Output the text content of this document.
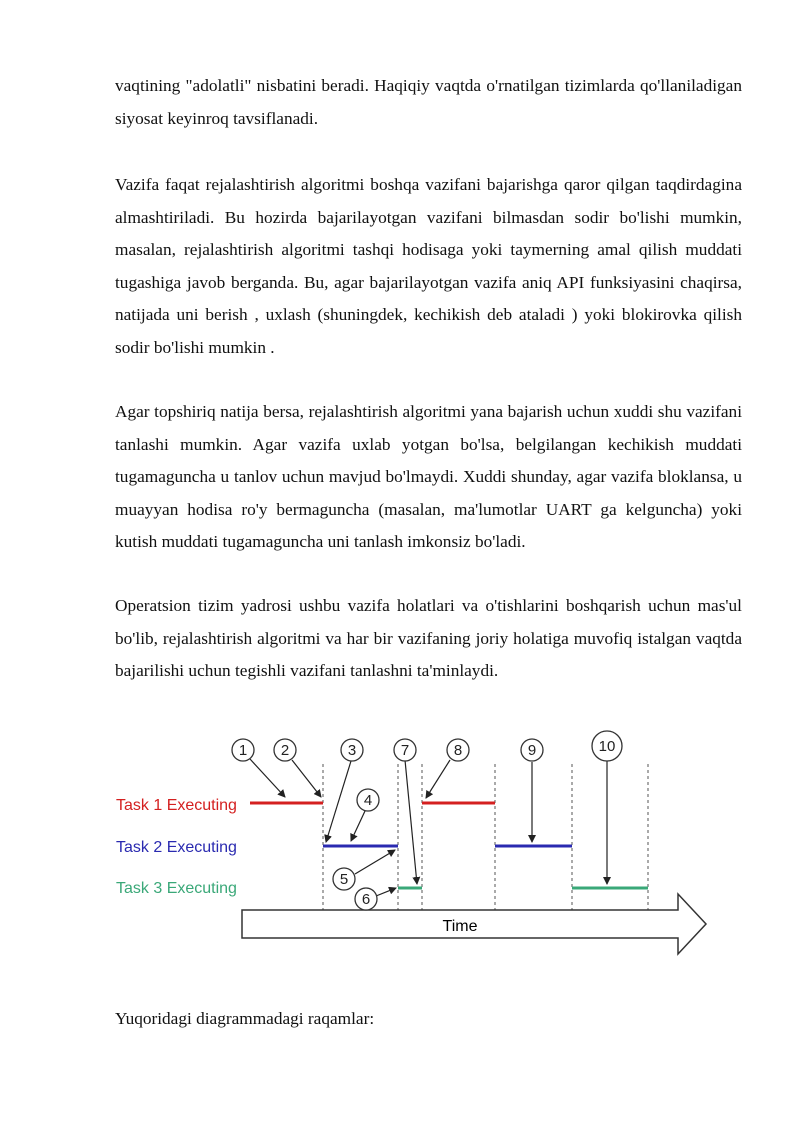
vaqtining "adolatli" nisbatini beradi. Haqiqiy vaqtda o'rnatilgan tizimlarda qo'llaniladigan siyosat keyinroq tavsiflanadi.

Vazifa faqat rejalashtirish algoritmi boshqa vazifani bajarishga qaror qilgan taqdirdagina almashtiriladi. Bu hozirda bajarilayotgan vazifani bilmasdan sodir bo'lishi mumkin, masalan, rejalashtirish algoritmi tashqi hodisaga yoki taymerning amal qilish muddati tugashiga javob berganda. Bu, agar bajarilayotgan vazifa aniq API funksiyasini chaqirsa, natijada uni berish , uxlash (shuningdek, kechikish deb ataladi ) yoki blokirovka qilish sodir bo'lishi mumkin .

Agar topshiriq natija bersa, rejalashtirish algoritmi yana bajarish uchun xuddi shu vazifani tanlashi mumkin. Agar vazifa uxlab yotgan bo'lsa, belgilangan kechikish muddati tugamaguncha u tanlov uchun mavjud bo'lmaydi. Xuddi shunday, agar vazifa bloklansa, u muayyan hodisa ro'y bermaguncha (masalan, ma'lumotlar UART ga kelguncha) yoki kutish muddati tugamaguncha uni tanlash imkonsiz bo'ladi.

Operatsion tizim yadrosi ushbu vazifa holatlari va o'tishlarini boshqarish uchun mas'ul bo'lib, rejalashtirish algoritmi va har bir vazifaning joriy holatiga muvofiq istalgan vaqtda bajarilishi uchun tegishli vazifani tanlashni ta'minlaydi.

Task 1 Executing
Task 2 Executing
Task 3 Executing
Time
1 2	3
4
5
6
7	8	9	10

Yuqoridagi diagrammadagi raqamlar:
